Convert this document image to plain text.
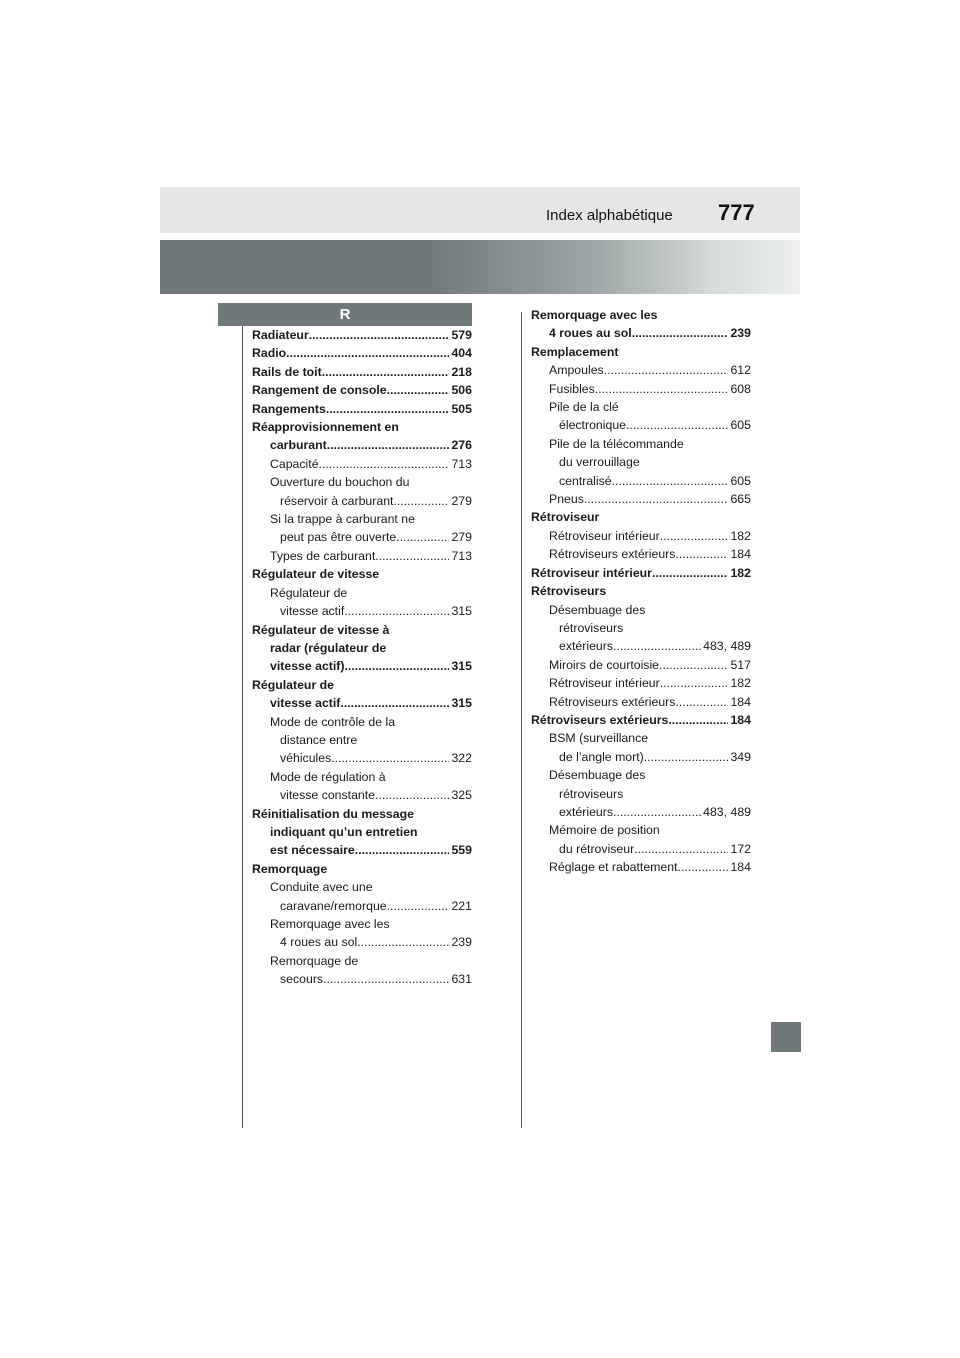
Index alphabétique 777
R
Radiateur .....	579
Radio. .....	404
Rails de toit .....	218
Rangement de console .....	506
Rangements .....	505
Réapprovisionnement en
carburant. .....	276
Capacité. .....	713
Ouverture du bouchon du
réservoir à carburant .....	279
Si la trappe à carburant ne
peut pas être ouverte .....	279
Types de carburant .....	713
Régulateur de vitesse
Régulateur de
vitesse actif. .....	315
Régulateur de vitesse à
radar (régulateur de
vitesse actif) .....	315
Régulateur de
vitesse actif. .....	315
Mode de contrôle de la
distance entre
véhicules .....	322
Mode de régulation à
vitesse constante. .....	325
Réinitialisation du message
indiquant qu’un entretien
est nécessaire .....	559
Remorquage
Conduite avec une
caravane/remorque .....	221
Remorquage avec les
4 roues au sol .....	239
Remorquage de
secours .....	631
Remorquage avec les
4 roues au sol .....	239
Remplacement
Ampoules. .....	612
Fusibles .....	608
Pile de la clé
électronique. .....	605
Pile de la télécommande
du verrouillage
centralisé .....	605
Pneus .....	665
Rétroviseur
Rétroviseur intérieur .....	182
Rétroviseurs extérieurs. .....	184
Rétroviseur intérieur .....	182
Rétroviseurs
Désembuage des
rétroviseurs
extérieurs .....	483, 489
Miroirs de courtoisie .....	517
Rétroviseur intérieur .....	182
Rétroviseurs extérieurs. .....	184
Rétroviseurs extérieurs .....	184
BSM (surveillance
de l’angle mort) .....	349
Désembuage des
rétroviseurs
extérieurs .....	483, 489
Mémoire de position
du rétroviseur .....	172
Réglage et rabattement .....	184
